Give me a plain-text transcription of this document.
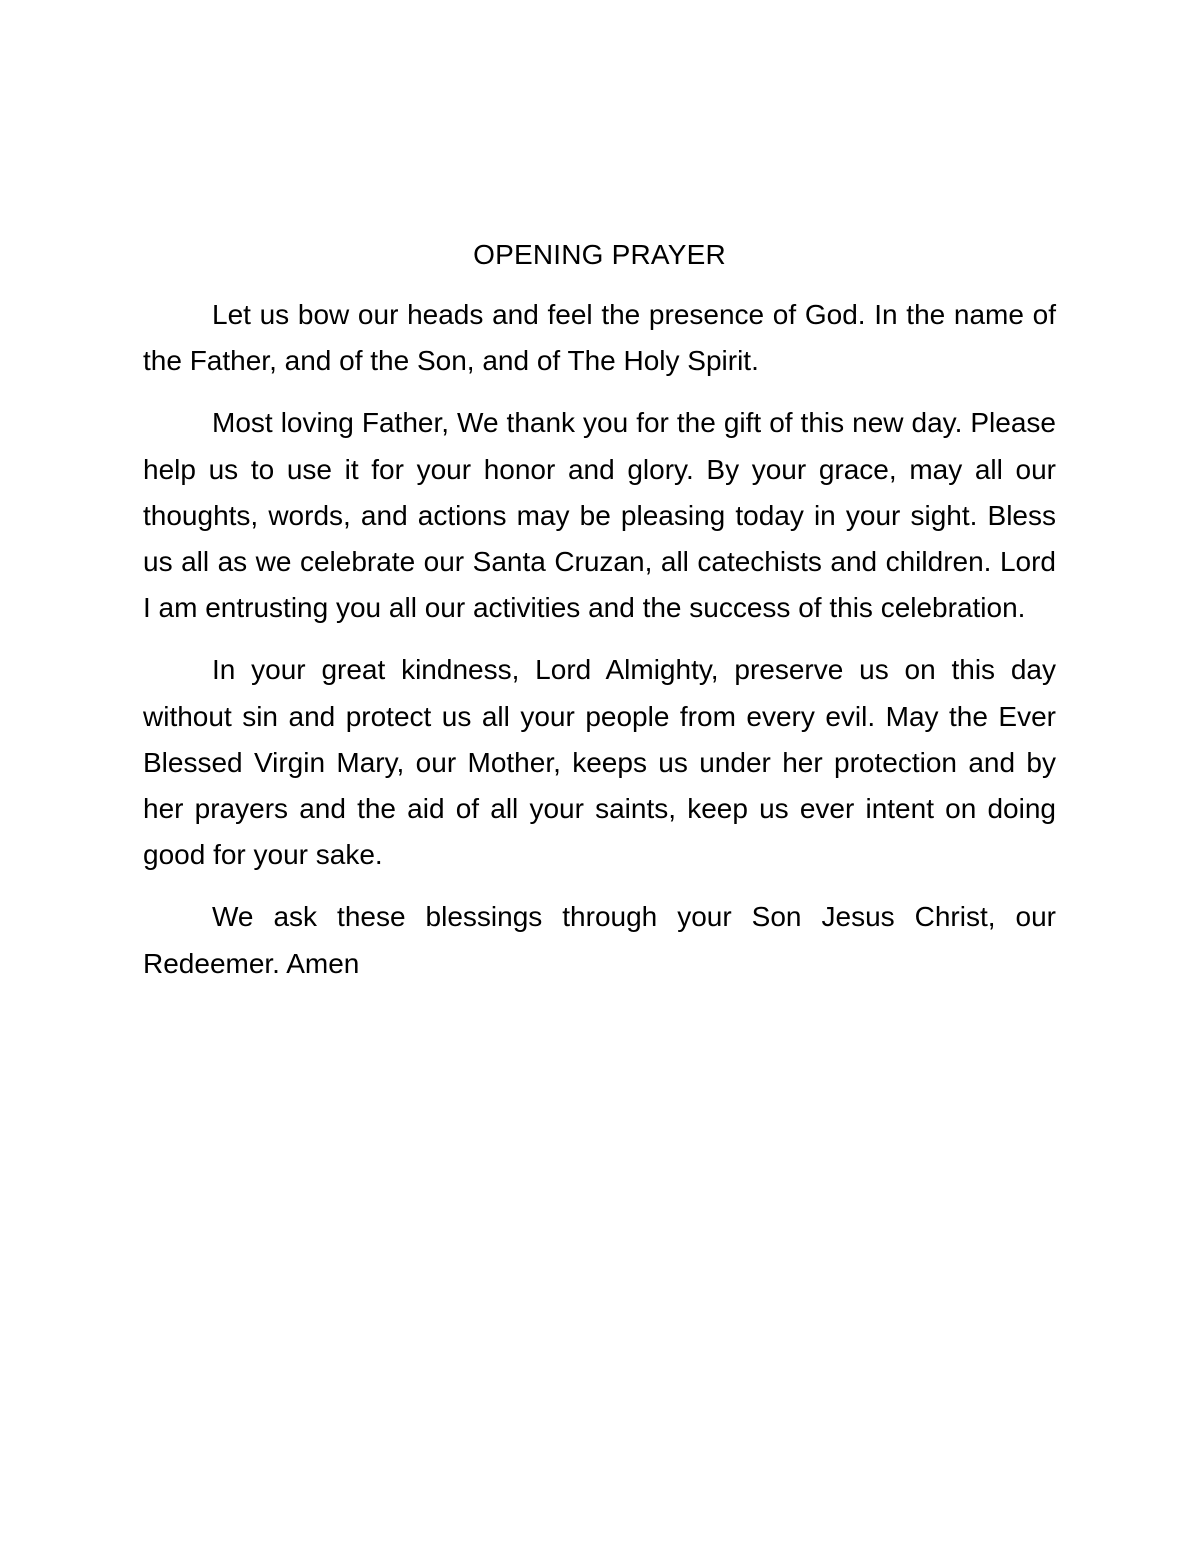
OPENING PRAYER

Let us bow our heads and feel the presence of God. In the name of the Father, and of the Son, and of The Holy Spirit.

Most loving Father, We thank you for the gift of this new day. Please help us to use it for your honor and glory. By your grace, may all our thoughts, words, and actions may be pleasing today in your sight. Bless us all as we celebrate our Santa Cruzan, all catechists and children. Lord I am entrusting you all our activities and the success of this celebration.

In your great kindness, Lord Almighty, preserve us on this day without sin and protect us all your people from every evil. May the Ever Blessed Virgin Mary, our Mother, keeps us under her protection and by her prayers and the aid of all your saints, keep us ever intent on doing good for your sake.

We ask these blessings through your Son Jesus Christ, our Redeemer. Amen
